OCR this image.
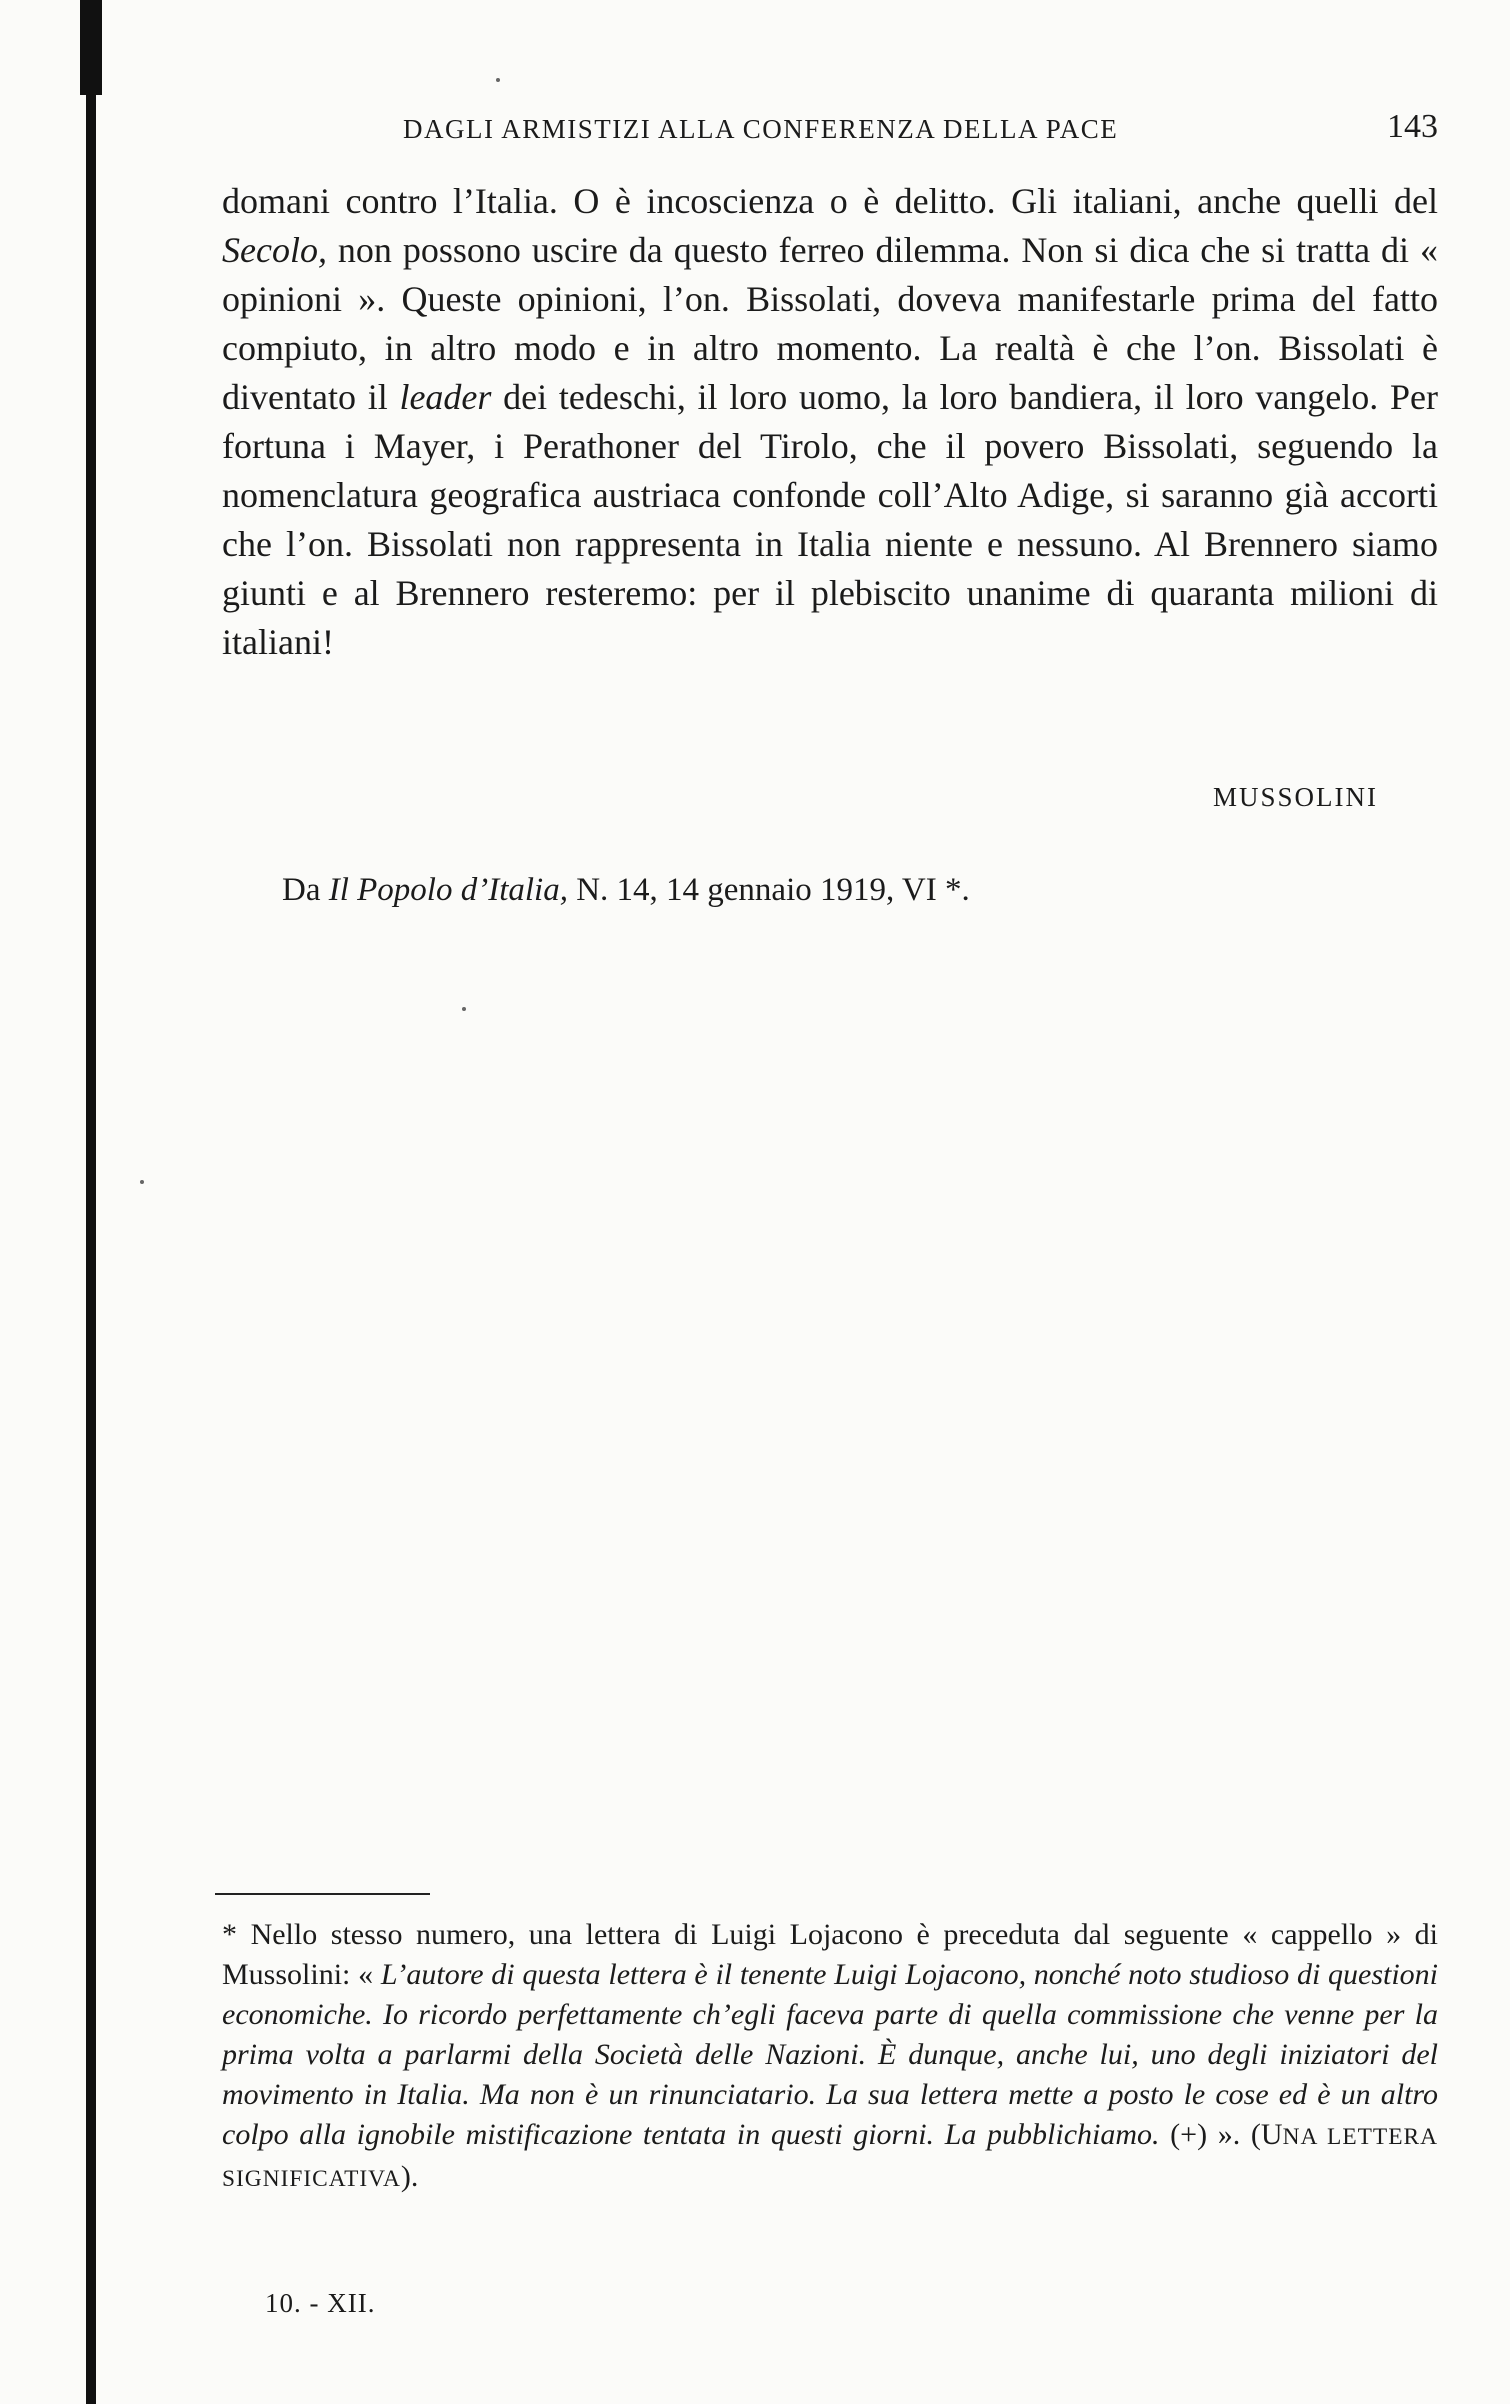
DAGLI ARMISTIZI ALLA CONFERENZA DELLA PACE	143

domani contro l’Italia. O è incoscienza o è delitto. Gli italiani, anche quelli del Secolo, non possono uscire da questo ferreo dilemma. Non si dica che si tratta di « opinioni ». Queste opinioni, l’on. Bissolati, doveva manifestarle prima del fatto compiuto, in altro modo e in altro momento. La realtà è che l’on. Bissolati è diventato il leader dei tedeschi, il loro uomo, la loro bandiera, il loro vangelo. Per fortuna i Mayer, i Perathoner del Tirolo, che il povero Bissolati, seguendo la nomenclatura geografica austriaca confonde coll’Alto Adige, si saranno già accorti che l’on. Bissolati non rappresenta in Italia niente e nessuno. Al Brennero siamo giunti e al Brennero resteremo: per il plebiscito unanime di quaranta milioni di italiani!

MUSSOLINI
Da Il Popolo d’Italia, N. 14, 14 gennaio 1919, VI *.

* Nello stesso numero, una lettera di Luigi Lojacono è preceduta dal seguente « cappello » di Mussolini: « L’autore di questa lettera è il tenente Luigi Lojacono, nonché noto studioso di questioni economiche. Io ricordo perfettamente ch’egli faceva parte di quella commissione che venne per la prima volta a parlarmi della Società delle Nazioni. È dunque, anche lui, uno degli iniziatori del movimento in Italia. Ma non è un rinunciatario. La sua lettera mette a posto le cose ed è un altro colpo alla ignobile mistificazione tentata in questi giorni. La pubblichiamo. (+) ». (UNA LETTERA SIGNIFICATIVA).

10. - XII.
